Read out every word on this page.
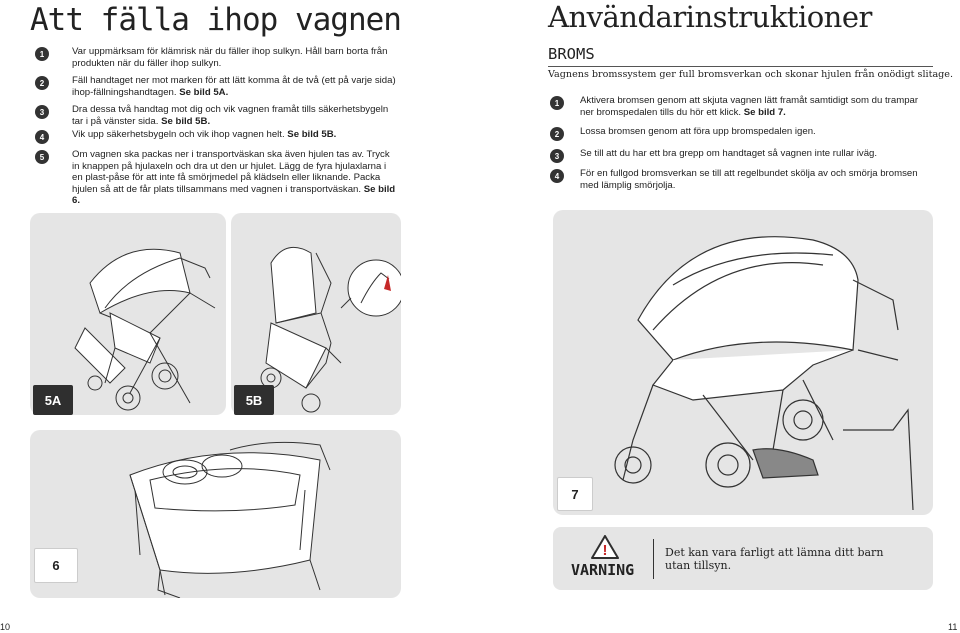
Att fälla ihop vagnen
1	Var uppmärksam för klämrisk när du fäller ihop sulkyn. Håll barn borta från produkten när du fäller ihop sulkyn.
2	Fäll handtaget ner mot marken för att lätt komma åt de två (ett på varje sida) ihop-fällningshandtagen. Se bild 5A.
3	Dra dessa två handtag mot dig och vik vagnen framåt tills säkerhetsbygeln tar i på vänster sida. Se bild 5B.
4	Vik upp säkerhetsbygeln och vik ihop vagnen helt. Se bild 5B.
5	Om vagnen ska packas ner i transportväskan ska även hjulen tas av. Tryck in knappen på hjulaxeln och dra ut den ur hjulet. Lägg de fyra hjulaxlarna i en plast-påse för att inte få smörjmedel på klädseln eller liknande. Packa hjulen så att de får plats tillsammans med vagnen i transportväskan. Se bild 6.
5A	5B
6
10
Användarinstruktioner
BROMS
Vagnens bromssystem ger full bromsverkan och skonar hjulen från onödigt slitage.
1	Aktivera bromsen genom att skjuta vagnen lätt framåt samtidigt som du trampar ner bromspedalen tills du hör ett klick. Se bild 7.
2	Lossa bromsen genom att föra upp bromspedalen igen.
3	Se till att du har ett bra grepp om handtaget så vagnen inte rullar iväg.
4	För en fullgod bromsverkan se till att regelbundet skölja av och smörja bromsen med lämplig smörjolja.
7
!
VARNING
Det kan vara farligt att lämna ditt barn utan tillsyn.
11
